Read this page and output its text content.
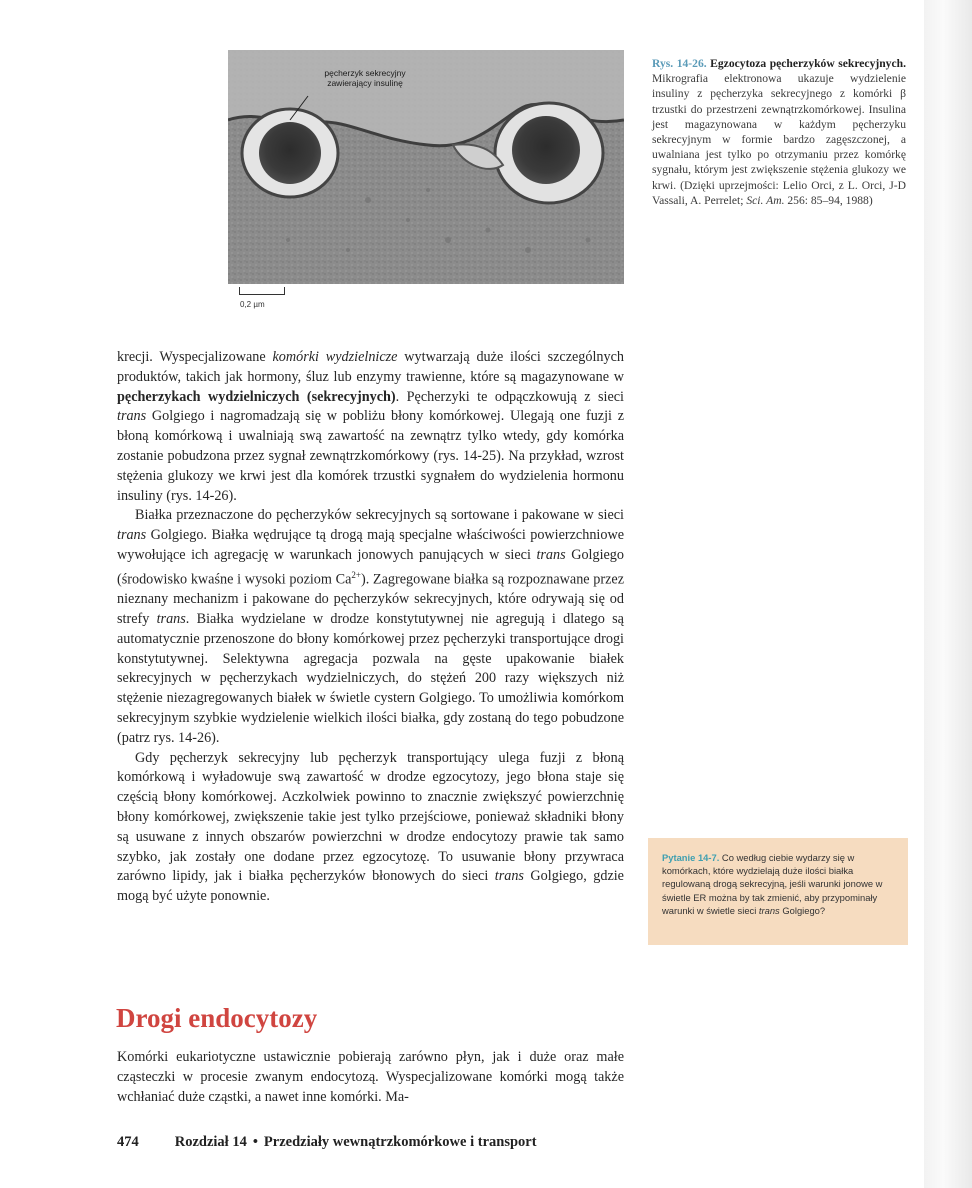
pęcherzyk sekrecyjny zawierający insulinę
0,2 µm
Rys. 14-26. Egzocytoza pęcherzyków sekrecyjnych. Mikrografia elektronowa ukazuje wydzielenie insuliny z pęcherzyka sekrecyjnego z komórki β trzustki do przestrzeni zewnątrzkomórkowej. Insulina jest magazynowana w każdym pęcherzyku sekrecyjnym w formie bardzo zagęszczonej, a uwalniana jest tylko po otrzymaniu przez komórkę sygnału, którym jest zwiększenie stężenia glukozy we krwi. (Dzięki uprzejmości: Lelio Orci, z L. Orci, J-D Vassali, A. Perrelet; Sci. Am. 256: 85–94, 1988)

krecji. Wyspecjalizowane komórki wydzielnicze wytwarzają duże ilości szczególnych produktów, takich jak hormony, śluz lub enzymy trawienne, które są magazynowane w pęcherzykach wydzielniczych (sekrecyjnych). Pęcherzyki te odpączkowują z sieci trans Golgiego i nagromadzają się w pobliżu błony komórkowej. Ulegają one fuzji z błoną komórkową i uwalniają swą zawartość na zewnątrz tylko wtedy, gdy komórka zostanie pobudzona przez sygnał zewnątrzkomórkowy (rys. 14-25). Na przykład, wzrost stężenia glukozy we krwi jest dla komórek trzustki sygnałem do wydzielenia hormonu insuliny (rys. 14-26).

Białka przeznaczone do pęcherzyków sekrecyjnych są sortowane i pakowane w sieci trans Golgiego. Białka wędrujące tą drogą mają specjalne właściwości powierzchniowe wywołujące ich agregację w warunkach jonowych panujących w sieci trans Golgiego (środowisko kwaśne i wysoki poziom $Ca^{2+}$). Zagregowane białka są rozpoznawane przez nieznany mechanizm i pakowane do pęcherzyków sekrecyjnych, które odrywają się od strefy trans. Białka wydzielane w drodze konstytutywnej nie agregują i dlatego są automatycznie przenoszone do błony komórkowej przez pęcherzyki transportujące drogi konstytutywnej. Selektywna agregacja pozwala na gęste upakowanie białek sekrecyjnych w pęcherzykach wydzielniczych, do stężeń 200 razy większych niż stężenie niezagregowanych białek w świetle cystern Golgiego. To umożliwia komórkom sekrecyjnym szybkie wydzielenie wielkich ilości białka, gdy zostaną do tego pobudzone (patrz rys. 14-26).

Gdy pęcherzyk sekrecyjny lub pęcherzyk transportujący ulega fuzji z błoną komórkową i wyładowuje swą zawartość w drodze egzocytozy, jego błona staje się częścią błony komórkowej. Aczkolwiek powinno to znacznie zwiększyć powierzchnię błony komórkowej, zwiększenie takie jest tylko przejściowe, ponieważ składniki błony są usuwane z innych obszarów powierzchni w drodze endocytozy prawie tak samo szybko, jak zostały one dodane przez egzocytozę. To usuwanie błony przywraca zarówno lipidy, jak i białka pęcherzyków błonowych do sieci trans Golgiego, gdzie mogą być użyte ponownie.

Pytanie 14-7. Co według ciebie wydarzy się w komórkach, które wydzielają duże ilości białka regulowaną drogą sekrecyjną, jeśli warunki jonowe w świetle ER można by tak zmienić, aby przypominały warunki w świetle sieci trans Golgiego?
Drogi endocytozy

Komórki eukariotyczne ustawicznie pobierają zarówno płyn, jak i duże oraz małe cząsteczki w procesie zwanym endocytozą. Wyspecjalizowane komórki mogą także wchłaniać duże cząstki, a nawet inne komórki. Ma-

474 Rozdział 14 • Przedziały wewnątrzkomórkowe i transport
